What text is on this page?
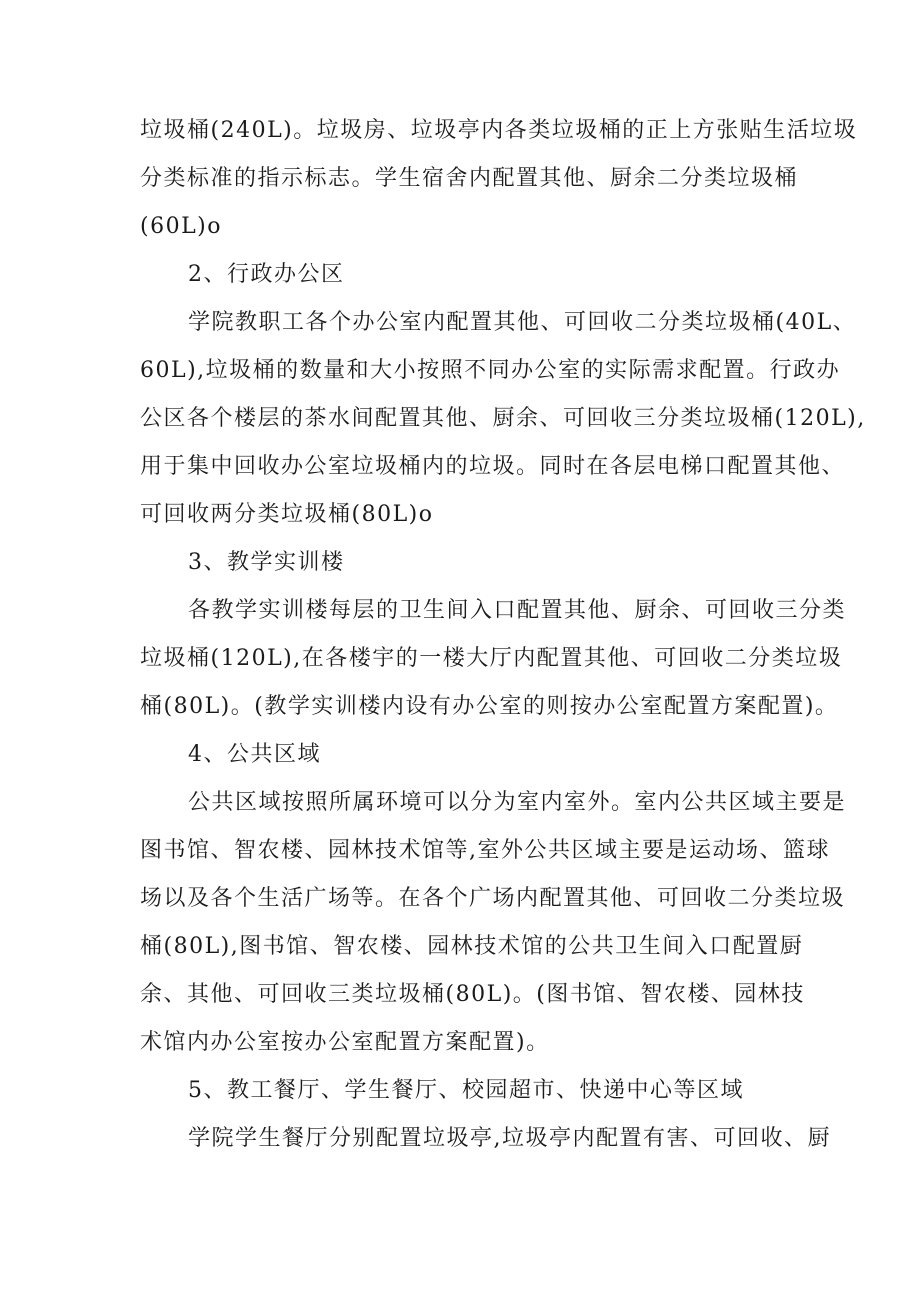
垃圾桶(240L)。垃圾房、垃圾亭内各类垃圾桶的正上方张贴生活垃圾
分类标准的指示标志。学生宿舍内配置其他、厨余二分类垃圾桶
(60L)o
2、行政办公区
学院教职工各个办公室内配置其他、可回收二分类垃圾桶(40L、
60L),垃圾桶的数量和大小按照不同办公室的实际需求配置。行政办
公区各个楼层的茶水间配置其他、厨余、可回收三分类垃圾桶(120L),
用于集中回收办公室垃圾桶内的垃圾。同时在各层电梯口配置其他、
可回收两分类垃圾桶(80L)o
3、教学实训楼
各教学实训楼每层的卫生间入口配置其他、厨余、可回收三分类
垃圾桶(120L),在各楼宇的一楼大厅内配置其他、可回收二分类垃圾
桶(80L)。(教学实训楼内设有办公室的则按办公室配置方案配置)。
4、公共区域
公共区域按照所属环境可以分为室内室外。室内公共区域主要是
图书馆、智农楼、园林技术馆等,室外公共区域主要是运动场、篮球
场以及各个生活广场等。在各个广场内配置其他、可回收二分类垃圾
桶(80L),图书馆、智农楼、园林技术馆的公共卫生间入口配置厨
余、其他、可回收三类垃圾桶(80L)。(图书馆、智农楼、园林技
术馆内办公室按办公室配置方案配置)。
5、教工餐厅、学生餐厅、校园超市、快递中心等区域
学院学生餐厅分别配置垃圾亭,垃圾亭内配置有害、可回收、厨
